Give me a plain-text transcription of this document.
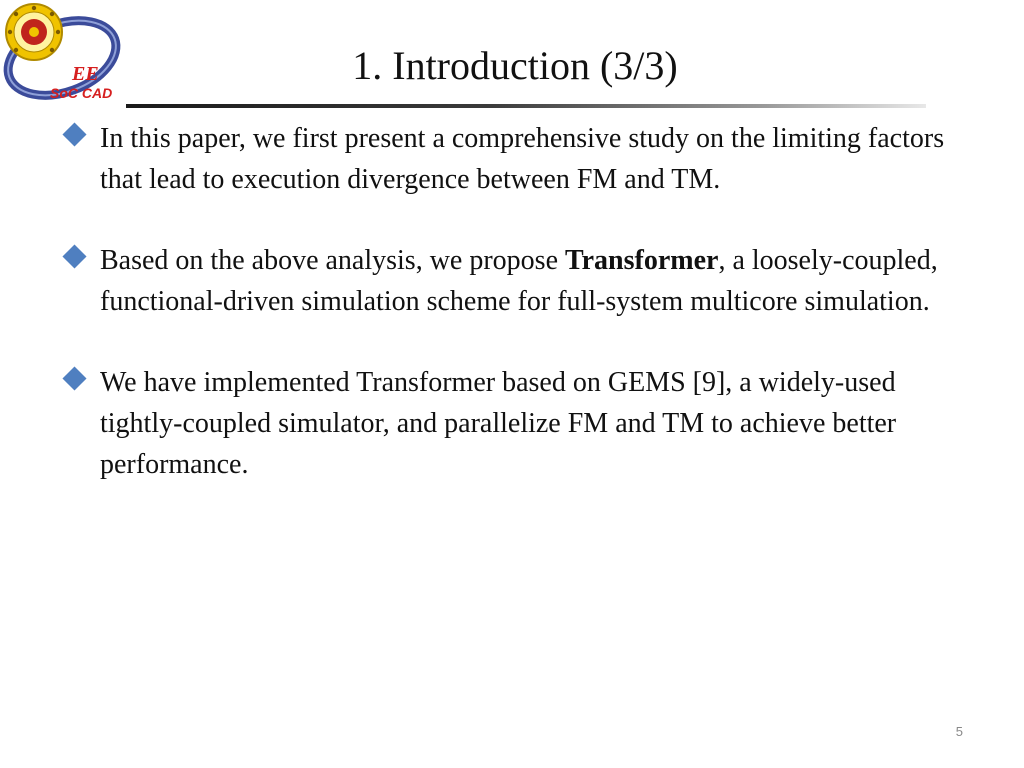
EE
SoC CAD
1. Introduction (3/3)
In this paper, we first present a comprehensive study on the limiting factors that lead to execution divergence between FM and TM.
Based on the above analysis, we propose Transformer, a loosely-coupled, functional-driven simulation scheme for full-system multicore simulation.
We have implemented Transformer based on GEMS [9], a widely-used tightly-coupled simulator, and parallelize FM and TM to achieve better performance.
5
